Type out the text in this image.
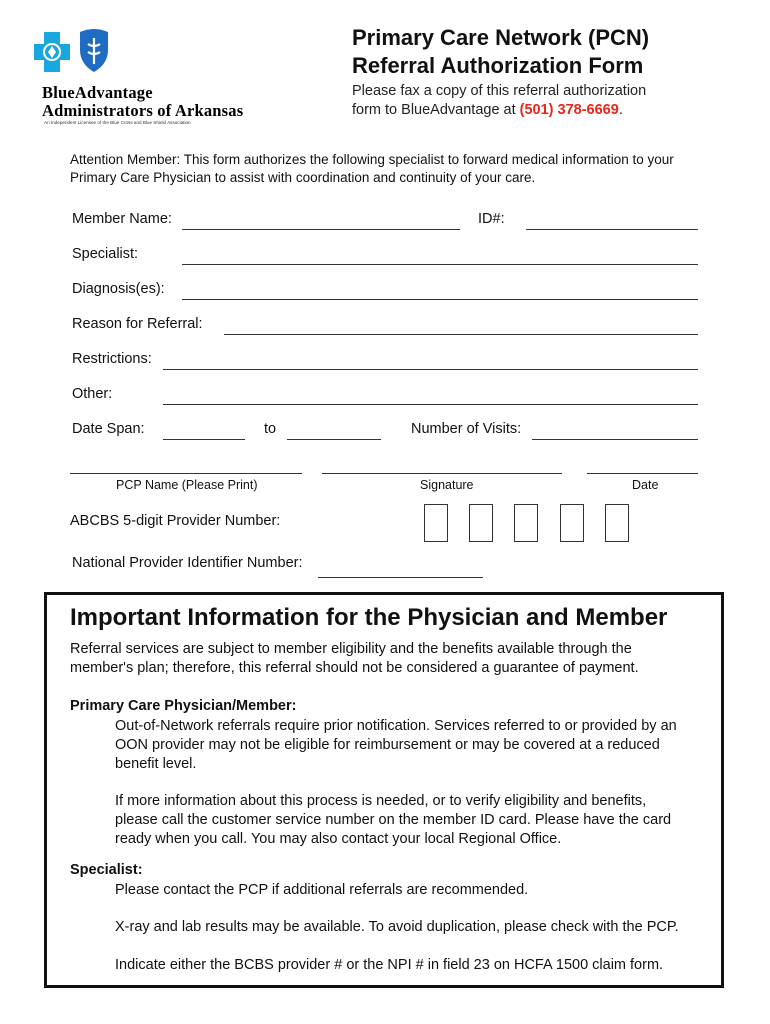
BlueAdvantage
Administrators of Arkansas
An Independent Licensee of the Blue Cross and Blue Shield Association
Primary Care Network (PCN)
Referral Authorization Form
Please fax a copy of this referral authorization
form to BlueAdvantage at (501) 378-6669.
Attention Member: This form authorizes the following specialist to forward medical information to your
Primary Care Physician to assist with coordination and continuity of your care.
Member Name:	ID#:
Specialist:
Diagnosis(es):
Reason for Referral:
Restrictions:
Other:
Date Span:	to	Number of Visits:
PCP Name (Please Print)	Signature	Date
ABCBS 5-digit Provider Number:
National Provider Identifier Number:
Important Information for the Physician and Member
Referral services are subject to member eligibility and the benefits available through the
member's plan; therefore, this referral should not be considered a guarantee of payment.
Primary Care Physician/Member:
Out-of-Network referrals require prior notification. Services referred to or provided by an
OON provider may not be eligible for reimbursement or may be covered at a reduced
benefit level.
If more information about this process is needed, or to verify eligibility and benefits,
please call the customer service number on the member ID card. Please have the card
ready when you call. You may also contact your local Regional Office.
Specialist:
Please contact the PCP if additional referrals are recommended.
X-ray and lab results may be available. To avoid duplication, please check with the PCP.
Indicate either the BCBS provider # or the NPI # in field 23 on HCFA 1500 claim form.
